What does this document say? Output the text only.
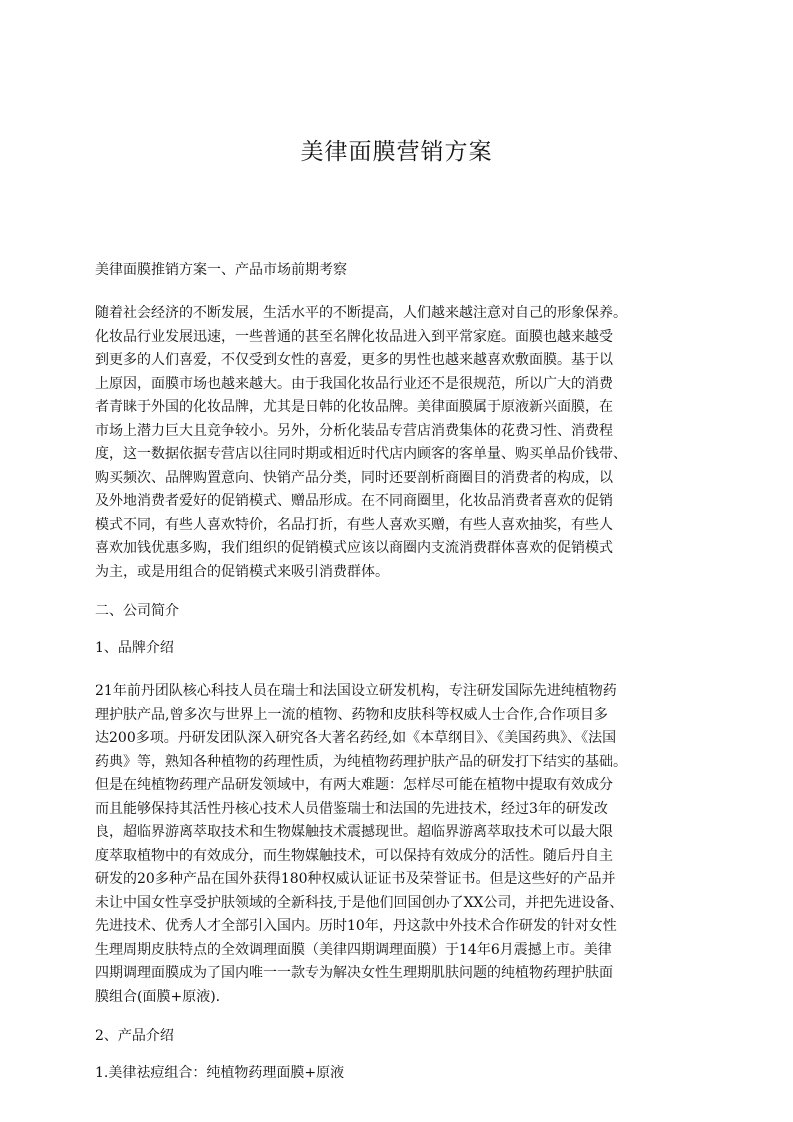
美律面膜营销方案
美律面膜推销方案一、产品市场前期考察
随着社会经济的不断发展，生活水平的不断提高，人们越来越注意对自己的形象保养。
化妆品行业发展迅速，一些普通的甚至名牌化妆品进入到平常家庭。面膜也越来越受
到更多的人们喜爱，不仅受到女性的喜爱，更多的男性也越来越喜欢敷面膜。基于以
上原因，面膜市场也越来越大。由于我国化妆品行业还不是很规范，所以广大的消费
者青睐于外国的化妆品牌，尤其是日韩的化妆品牌。美律面膜属于原液新兴面膜，在
市场上潜力巨大且竞争较小。另外，分析化装品专营店消费集体的花费习性、消费程
度，这一数据依据专营店以往同时期或相近时代店内顾客的客单量、购买单品价钱带、
购买频次、品牌购置意向、快销产品分类，同时还要剖析商圈目的消费者的构成，以
及外地消费者爱好的促销模式、赠品形成。在不同商圈里，化妆品消费者喜欢的促销
模式不同，有些人喜欢特价，名品打折，有些人喜欢买赠，有些人喜欢抽奖，有些人
喜欢加钱优惠多购，我们组织的促销模式应该以商圈内支流消费群体喜欢的促销模式
为主，或是用组合的促销模式来吸引消费群体。
二、公司简介
1、品牌介绍
21年前丹团队核心科技人员在瑞士和法国设立研发机构，专注研发国际先进纯植物药
理护肤产品,曾多次与世界上一流的植物、药物和皮肤科等权威人士合作,合作项目多
达200多项。丹研发团队深入研究各大著名药经,如《本草纲目》、《美国药典》、《法国
药典》等，熟知各种植物的药理性质，为纯植物药理护肤产品的研发打下结实的基础。
但是在纯植物药理产品研发领域中，有两大难题：怎样尽可能在植物中提取有效成分
而且能够保持其活性丹核心技术人员借鉴瑞士和法国的先进技术，经过3年的研发改
良，超临界游离萃取技术和生物媒触技术震撼现世。超临界游离萃取技术可以最大限
度萃取植物中的有效成分，而生物媒触技术，可以保持有效成分的活性。随后丹自主
研发的20多种产品在国外获得180种权威认证证书及荣誉证书。但是这些好的产品并
未让中国女性享受护肤领域的全新科技,于是他们回国创办了XX公司，并把先进设备、
先进技术、优秀人才全部引入国内。历时10年，丹这款中外技术合作研发的针对女性
生理周期皮肤特点的全效调理面膜（美律四期调理面膜）于14年6月震撼上市。美律
四期调理面膜成为了国内唯一一款专为解决女性生理期肌肤问题的纯植物药理护肤面
膜组合(面膜+原液).
2、产品介绍
1.美律祛痘组合：纯植物药理面膜+原液
